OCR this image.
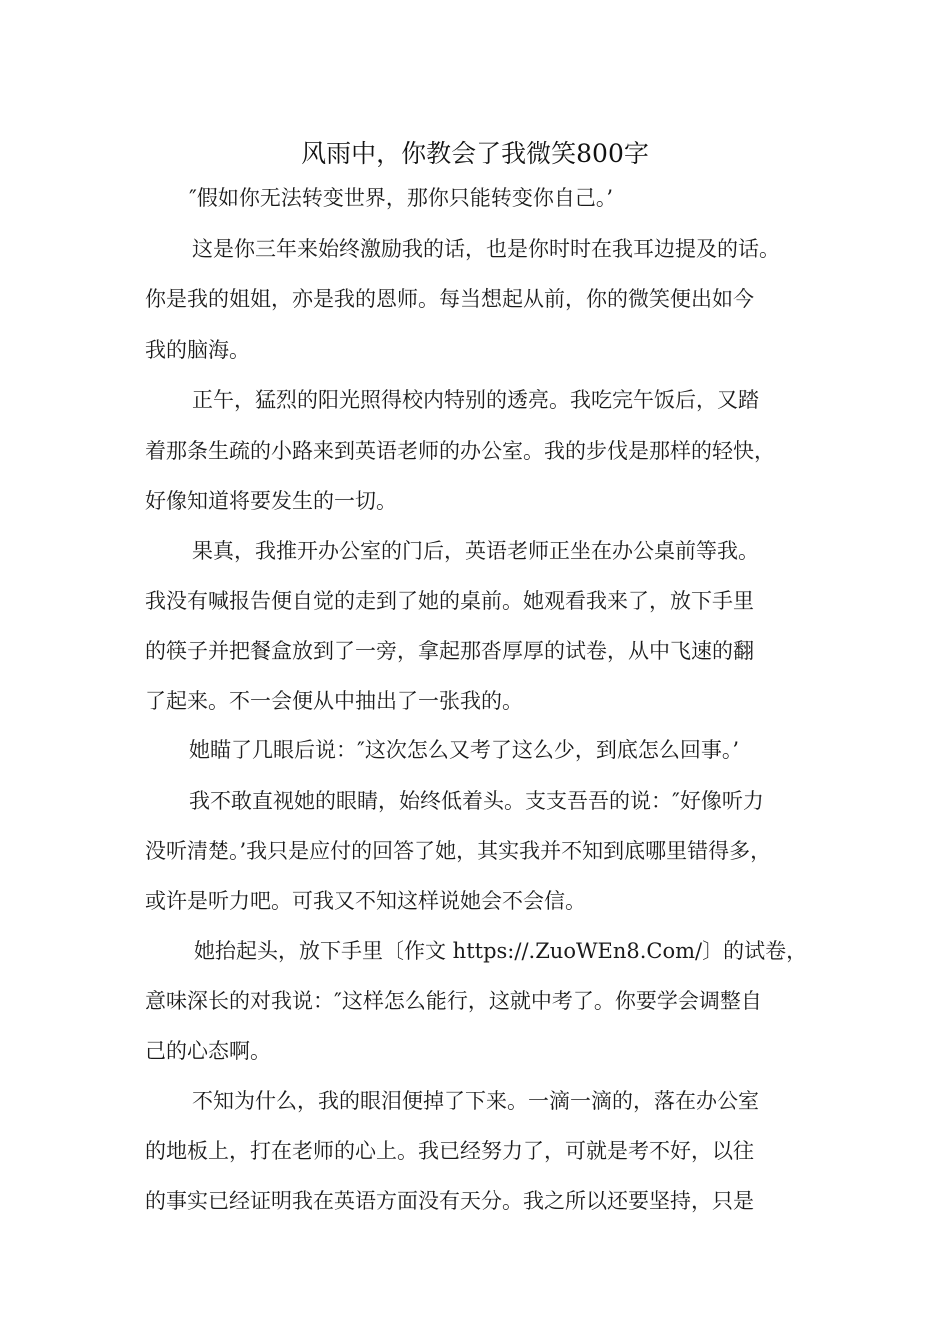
风雨中，你教会了我微笑800字

″假如你无法转变世界，那你只能转变你自己。’

这是你三年来始终激励我的话，也是你时时在我耳边提及的话。

你是我的姐姐，亦是我的恩师。每当想起从前，你的微笑便出如今

我的脑海。

正午，猛烈的阳光照得校内特别的透亮。我吃完午饭后，又踏

着那条生疏的小路来到英语老师的办公室。我的步伐是那样的轻快，

好像知道将要发生的一切。

果真，我推开办公室的门后，英语老师正坐在办公桌前等我。

我没有喊报告便自觉的走到了她的桌前。她观看我来了，放下手里

的筷子并把餐盒放到了一旁，拿起那沓厚厚的试卷，从中飞速的翻

了起来。不一会便从中抽出了一张我的。

她瞄了几眼后说：″这次怎么又考了这么少，到底怎么回事。’

我不敢直视她的眼睛，始终低着头。支支吾吾的说：″好像听力

没听清楚。’我只是应付的回答了她，其实我并不知到底哪里错得多，

或许是听力吧。可我又不知这样说她会不会信。

她抬起头，放下手里〔作文 https://.ZuoWEn8.Com/〕的试卷，

意味深长的对我说：″这样怎么能行，这就中考了。你要学会调整自

己的心态啊。

不知为什么，我的眼泪便掉了下来。一滴一滴的，落在办公室

的地板上，打在老师的心上。我已经努力了，可就是考不好，以往

的事实已经证明我在英语方面没有天分。我之所以还要坚持，只是
